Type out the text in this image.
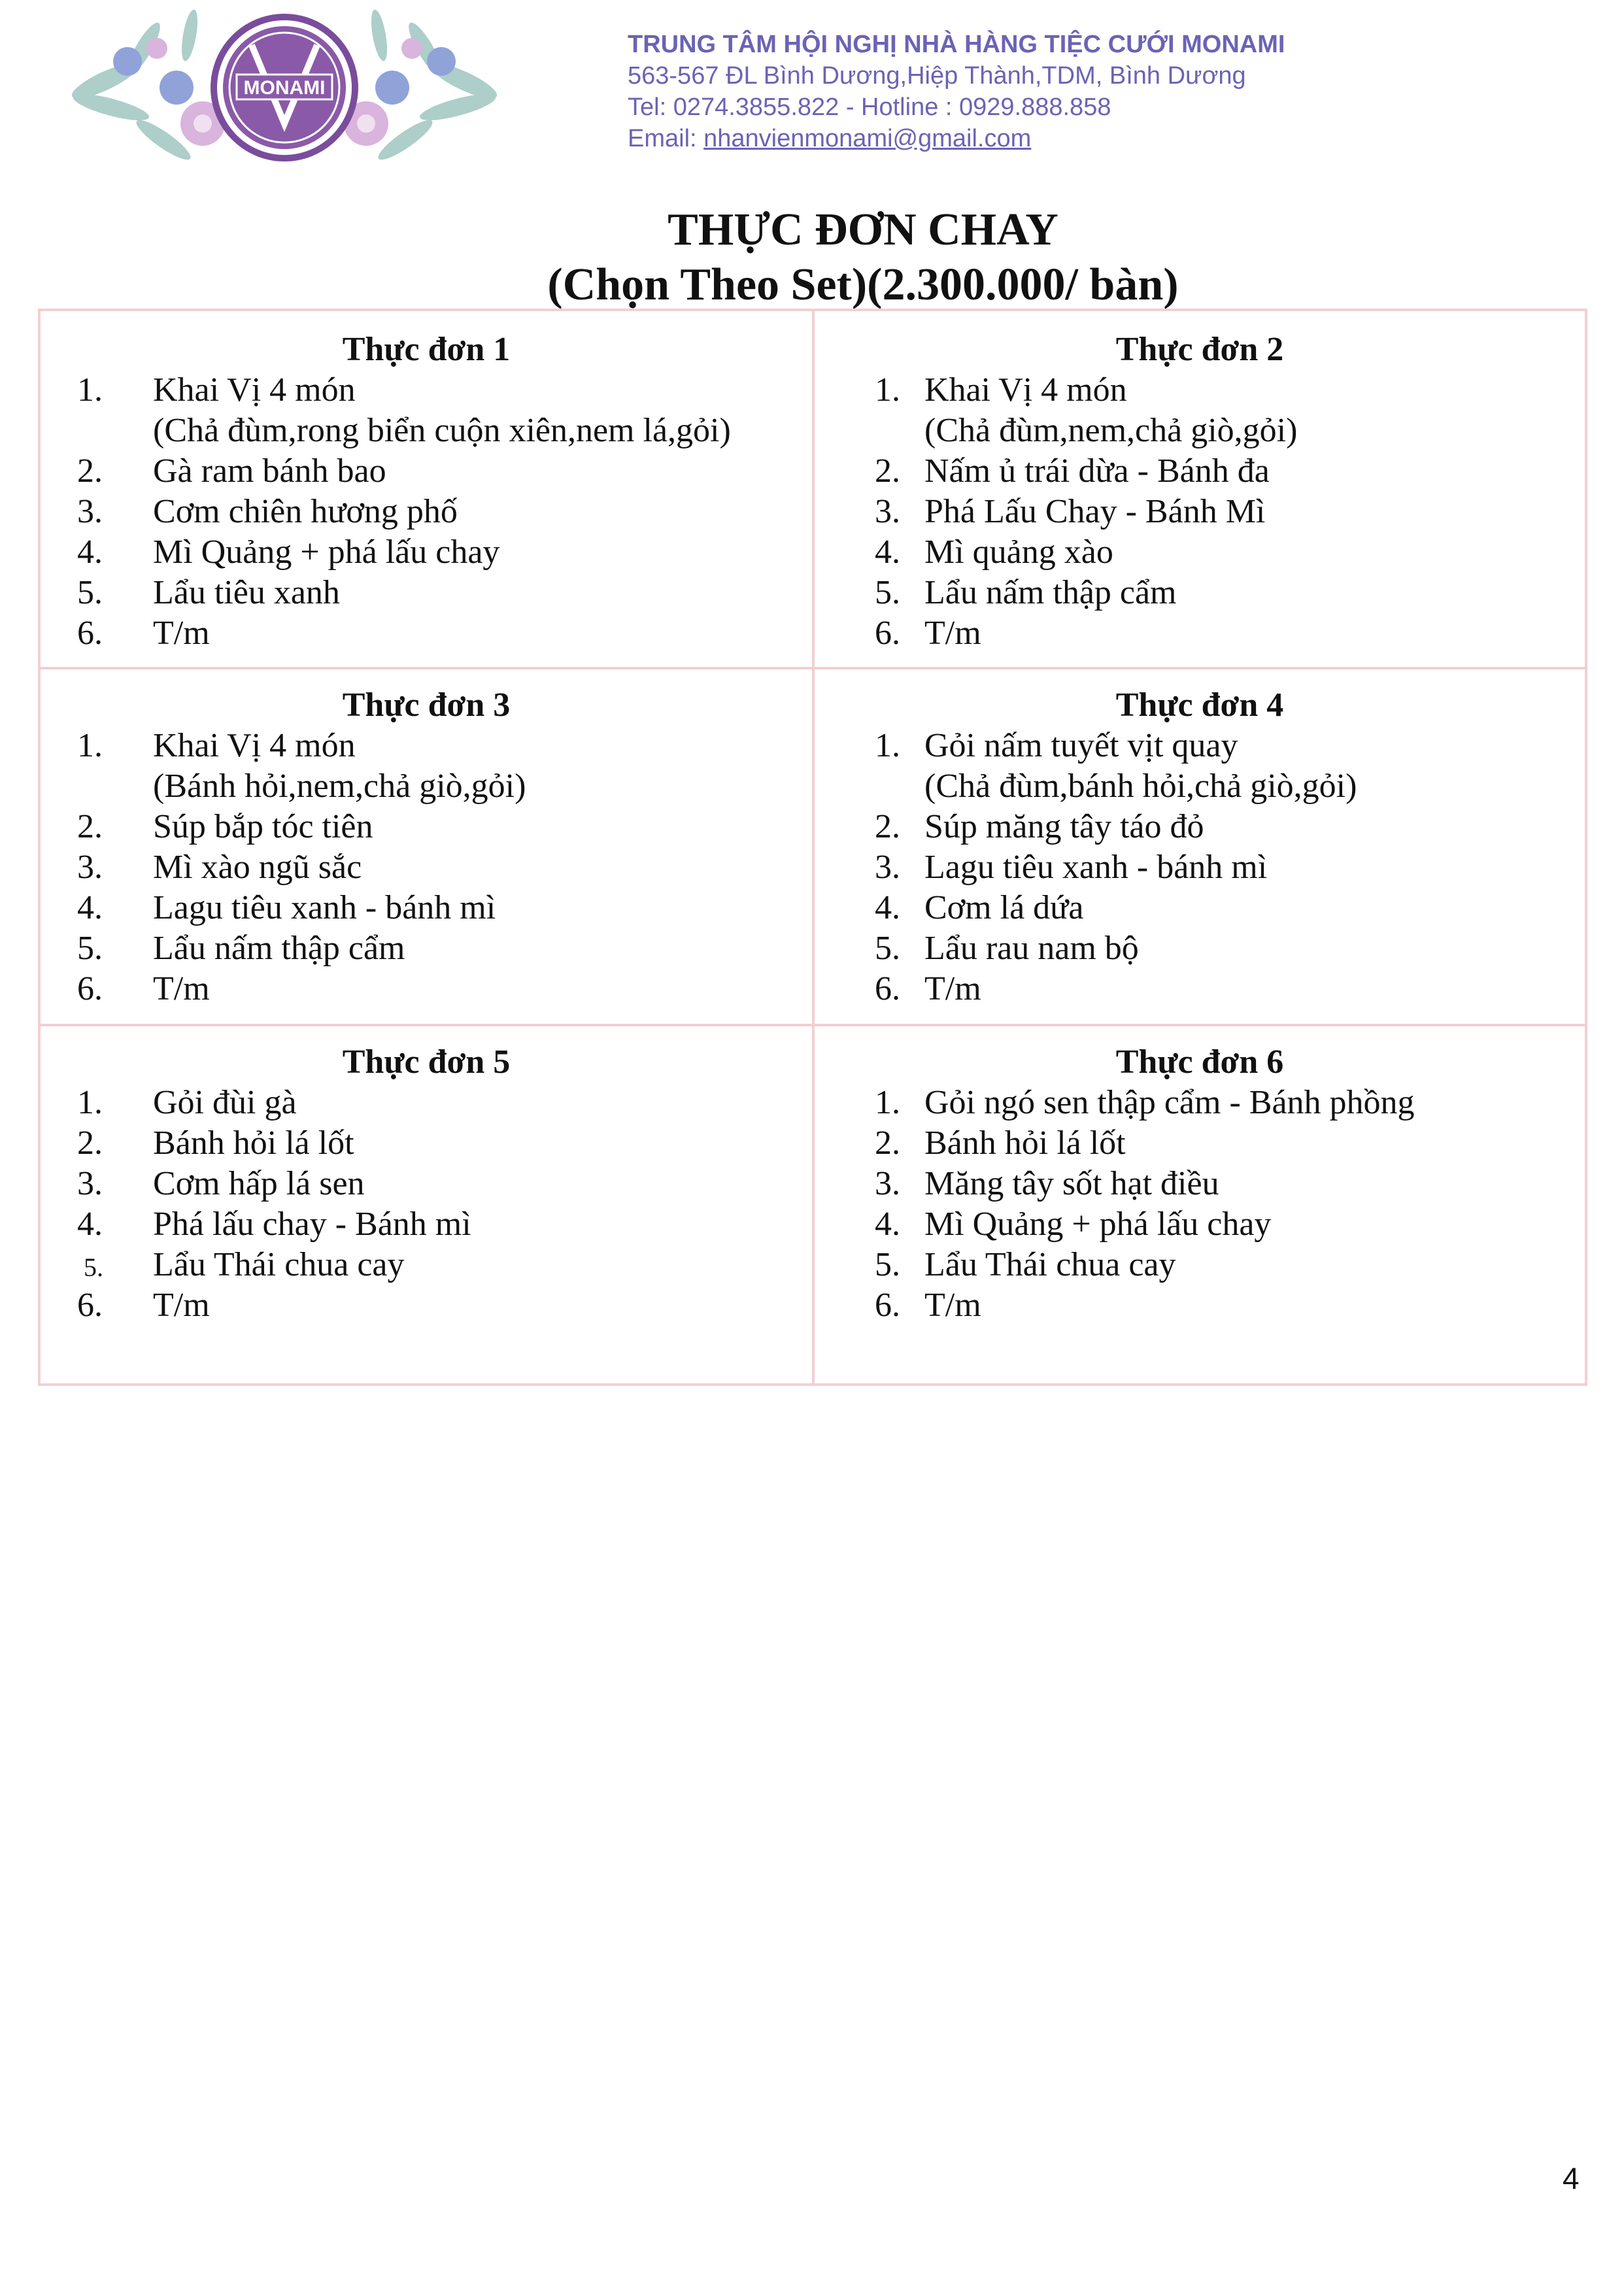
MONAMI
TRUNG TÂM HỘI NGHỊ NHÀ HÀNG TIỆC CƯỚI MONAMI
563-567 ĐL Bình Dương,Hiệp Thành,TDM, Bình Dương
Tel: 0274.3855.822 - Hotline : 0929.888.858
Email: nhanvienmonami@gmail.com
THỰC ĐƠN CHAY
(Chọn Theo Set)(2.300.000/ bàn)
Thực đơn 1
1. Khai Vị 4 món
(Chả đùm,rong biển cuộn xiên,nem lá,gỏi)
2. Gà ram bánh bao
3. Cơm chiên hương phố
4. Mì Quảng + phá lấu chay
5. Lẩu tiêu xanh
6. T/m
Thực đơn 2
1. Khai Vị 4 món
(Chả đùm,nem,chả giò,gỏi)
2. Nấm ủ trái dừa - Bánh đa
3. Phá Lấu Chay - Bánh Mì
4. Mì quảng xào
5. Lẩu nấm thập cẩm
6. T/m
Thực đơn 3
1. Khai Vị 4 món
(Bánh hỏi,nem,chả giò,gỏi)
2. Súp bắp tóc tiên
3. Mì xào ngũ sắc
4. Lagu tiêu xanh - bánh mì
5. Lẩu nấm thập cẩm
6. T/m
Thực đơn 4
1. Gỏi nấm tuyết vịt quay
(Chả đùm,bánh hỏi,chả giò,gỏi)
2. Súp măng tây táo đỏ
3. Lagu tiêu xanh - bánh mì
4. Cơm lá dứa
5. Lẩu rau nam bộ
6. T/m
Thực đơn 5
1. Gỏi đùi gà
2. Bánh hỏi lá lốt
3. Cơm hấp lá sen
4. Phá lấu chay - Bánh mì
5. Lẩu Thái chua cay
6. T/m
Thực đơn 6
1. Gỏi ngó sen thập cẩm - Bánh phồng
2. Bánh hỏi lá lốt
3. Măng tây sốt hạt điều
4. Mì Quảng + phá lấu chay
5. Lẩu Thái chua cay
6. T/m
4
